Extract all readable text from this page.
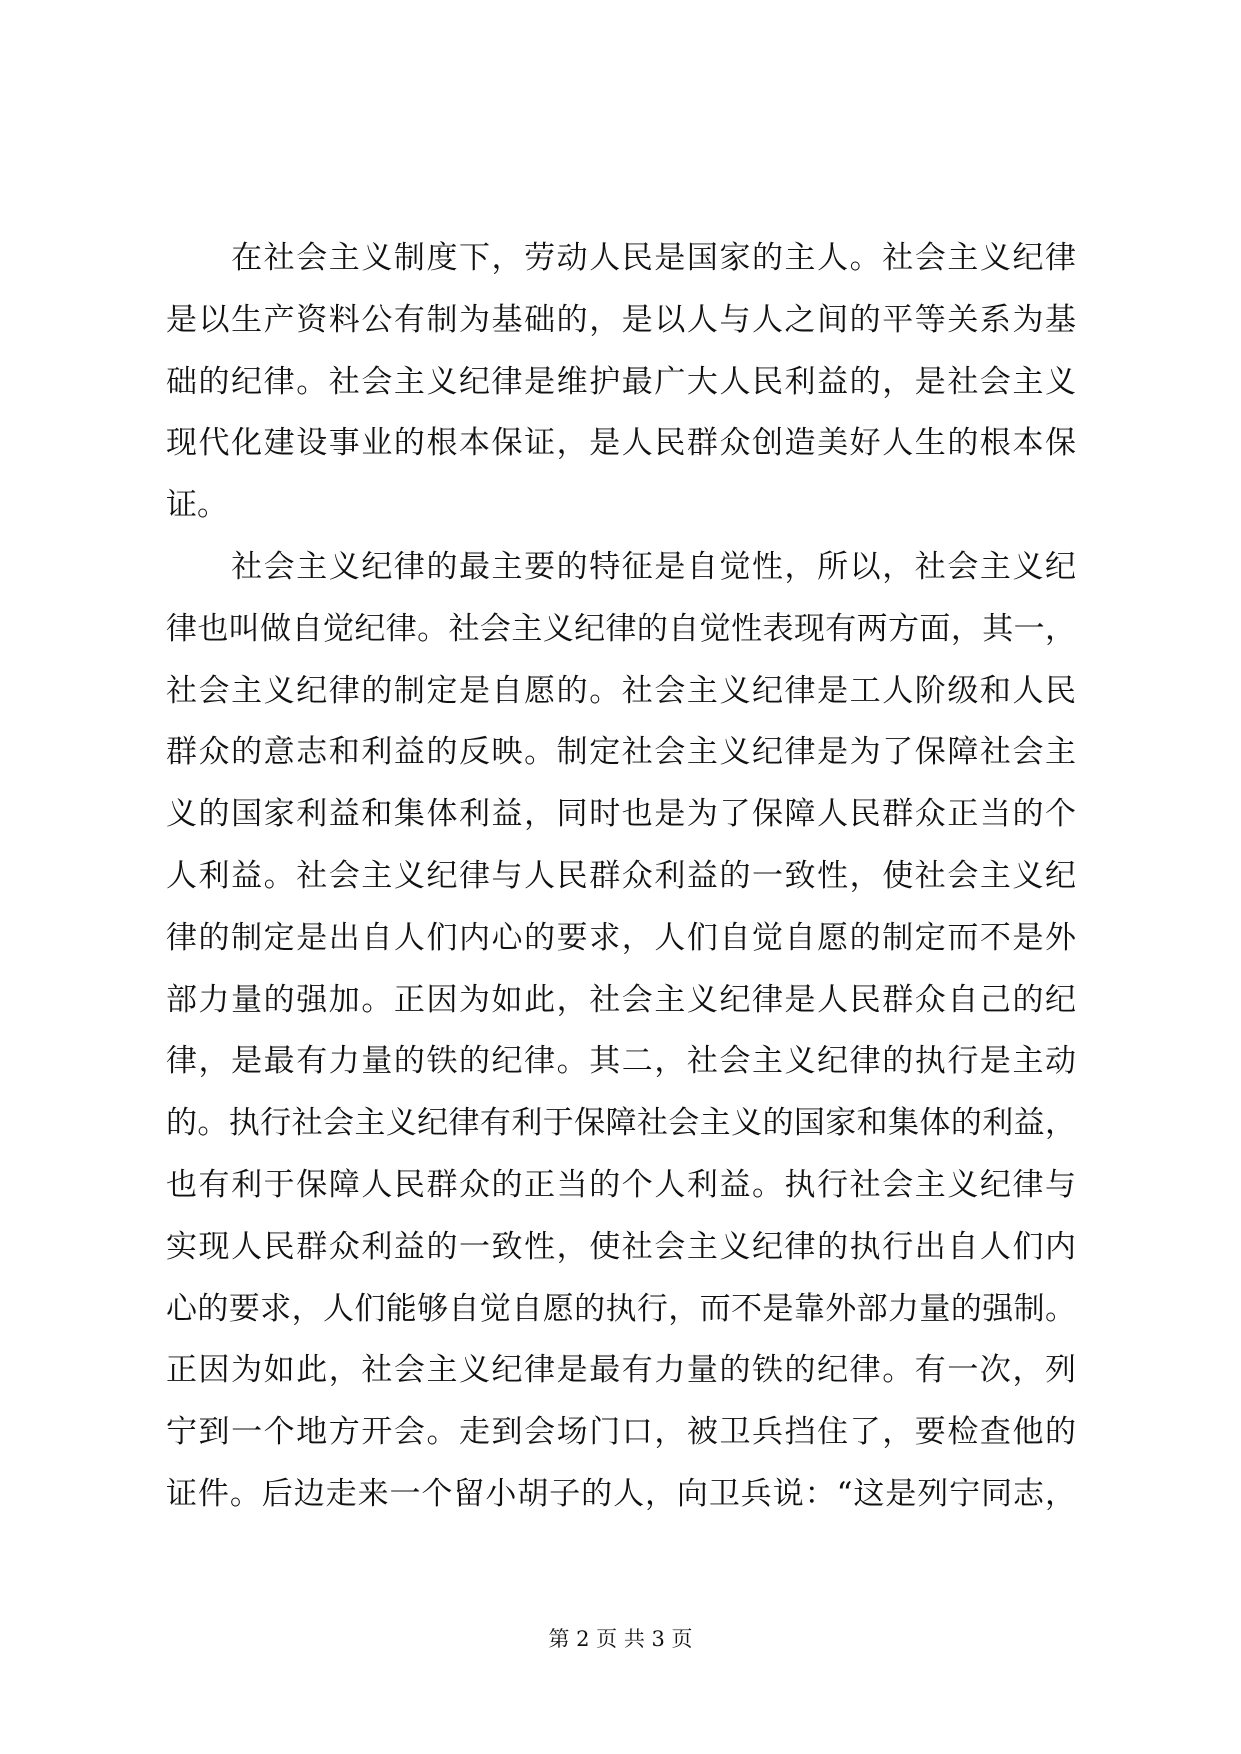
　　在社会主义制度下，劳动人民是国家的主人。社会主义纪律
是以生产资料公有制为基础的，是以人与人之间的平等关系为基
础的纪律。社会主义纪律是维护最广大人民利益的，是社会主义
现代化建设事业的根本保证，是人民群众创造美好人生的根本保
证。
　　社会主义纪律的最主要的特征是自觉性，所以，社会主义纪
律也叫做自觉纪律。社会主义纪律的自觉性表现有两方面，其一，
社会主义纪律的制定是自愿的。社会主义纪律是工人阶级和人民
群众的意志和利益的反映。制定社会主义纪律是为了保障社会主
义的国家利益和集体利益，同时也是为了保障人民群众正当的个
人利益。社会主义纪律与人民群众利益的一致性，使社会主义纪
律的制定是出自人们内心的要求，人们自觉自愿的制定而不是外
部力量的强加。正因为如此，社会主义纪律是人民群众自己的纪
律，是最有力量的铁的纪律。其二，社会主义纪律的执行是主动
的。执行社会主义纪律有利于保障社会主义的国家和集体的利益，
也有利于保障人民群众的正当的个人利益。执行社会主义纪律与
实现人民群众利益的一致性，使社会主义纪律的执行出自人们内
心的要求，人们能够自觉自愿的执行，而不是靠外部力量的强制。
正因为如此，社会主义纪律是最有力量的铁的纪律。有一次，列
宁到一个地方开会。走到会场门口，被卫兵挡住了，要检查他的
证件。后边走来一个留小胡子的人，向卫兵说：“这是列宁同志，
第 2 页 共 3 页
